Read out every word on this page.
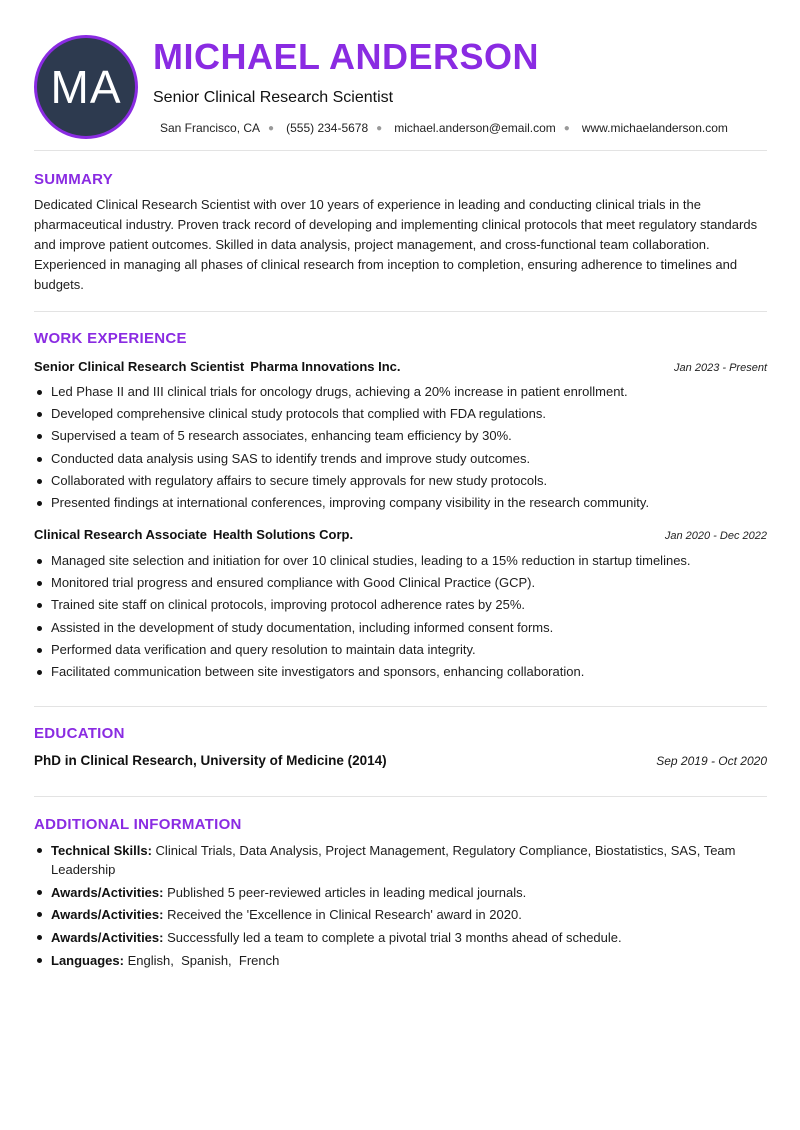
MA
MICHAEL ANDERSON
Senior Clinical Research Scientist
San Francisco, CA ● (555) 234-5678 ● michael.anderson@email.com ● www.michaelanderson.com
SUMMARY
Dedicated Clinical Research Scientist with over 10 years of experience in leading and conducting clinical trials in the pharmaceutical industry. Proven track record of developing and implementing clinical protocols that meet regulatory standards and improve patient outcomes. Skilled in data analysis, project management, and cross-functional team collaboration. Experienced in managing all phases of clinical research from inception to completion, ensuring adherence to timelines and budgets.
WORK EXPERIENCE
Senior Clinical Research Scientist Pharma Innovations Inc.	Jan 2023 - Present
Led Phase II and III clinical trials for oncology drugs, achieving a 20% increase in patient enrollment.
Developed comprehensive clinical study protocols that complied with FDA regulations.
Supervised a team of 5 research associates, enhancing team efficiency by 30%.
Conducted data analysis using SAS to identify trends and improve study outcomes.
Collaborated with regulatory affairs to secure timely approvals for new study protocols.
Presented findings at international conferences, improving company visibility in the research community.
Clinical Research Associate Health Solutions Corp.	Jan 2020 - Dec 2022
Managed site selection and initiation for over 10 clinical studies, leading to a 15% reduction in startup timelines.
Monitored trial progress and ensured compliance with Good Clinical Practice (GCP).
Trained site staff on clinical protocols, improving protocol adherence rates by 25%.
Assisted in the development of study documentation, including informed consent forms.
Performed data verification and query resolution to maintain data integrity.
Facilitated communication between site investigators and sponsors, enhancing collaboration.
EDUCATION
PhD in Clinical Research, University of Medicine (2014)	Sep 2019 - Oct 2020
ADDITIONAL INFORMATION
Technical Skills: Clinical Trials, Data Analysis, Project Management, Regulatory Compliance, Biostatistics, SAS, Team Leadership
Awards/Activities: Published 5 peer-reviewed articles in leading medical journals.
Awards/Activities: Received the 'Excellence in Clinical Research' award in 2020.
Awards/Activities: Successfully led a team to complete a pivotal trial 3 months ahead of schedule.
Languages: English,  Spanish,  French
